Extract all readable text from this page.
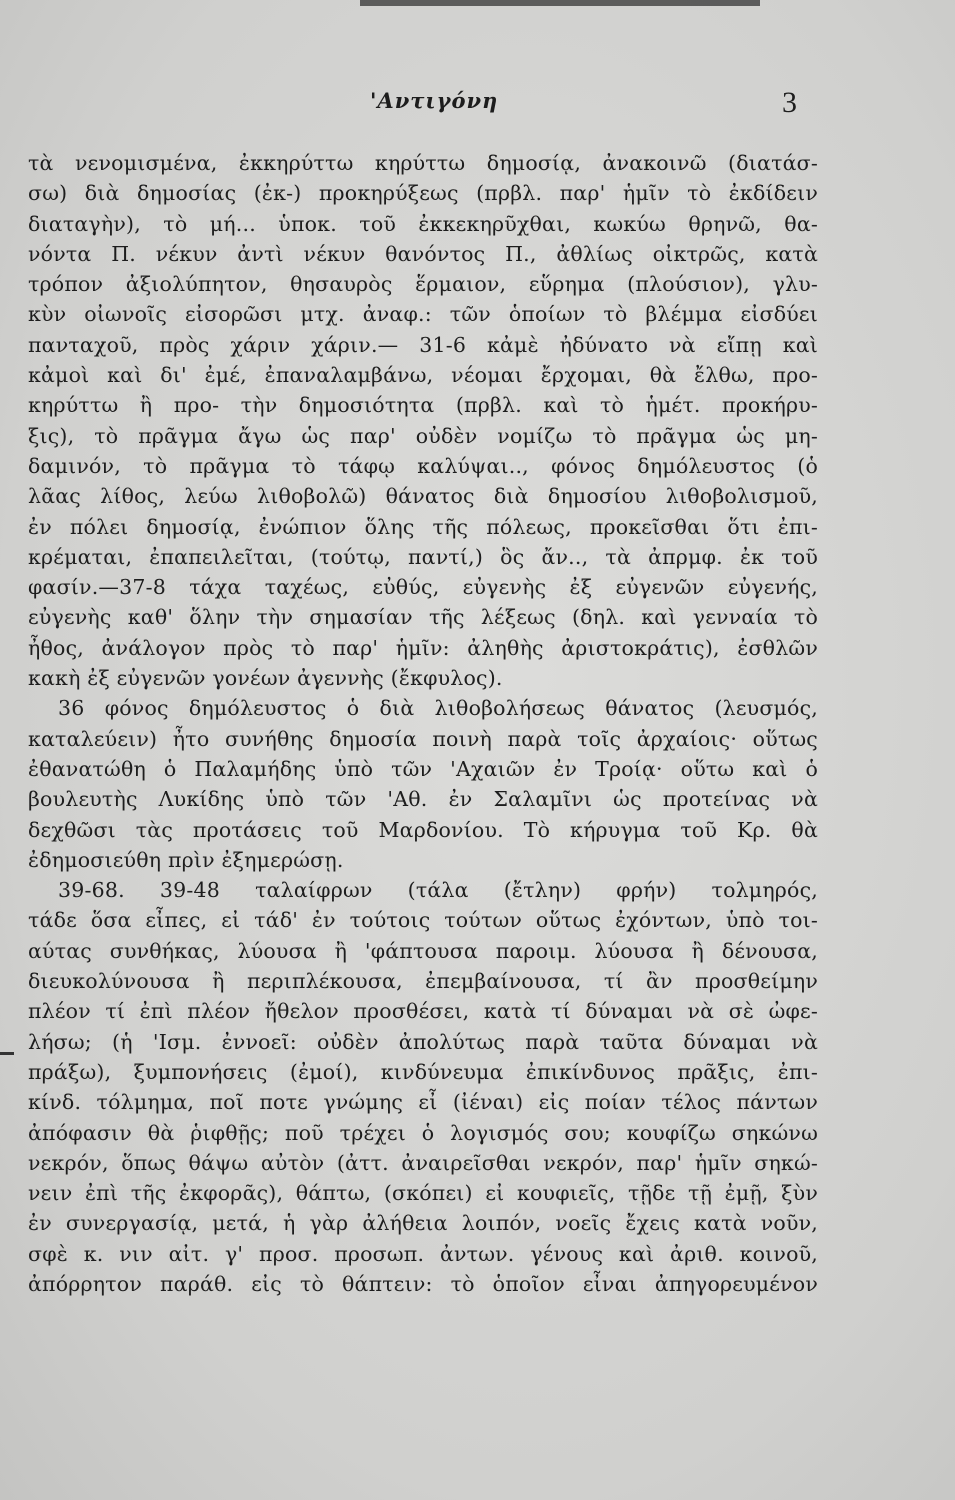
'Αντιγόνη	3
τὰ νενομισμένα, ἐκκηρύττω κηρύττω δημοσίᾳ, ἀνακοινῶ (διατάσ-
σω) διὰ δημοσίας (ἐκ-) προκηρύξεως (πρβλ. παρ' ἡμῖν τὸ ἐκδίδειν
διαταγὴν), τὸ μή... ὑποκ. τοῦ ἐκκεκηρῦχθαι, κωκύω θρηνῶ, θα-
νόντα Π. νέκυν ἀντὶ νέκυν θανόντος Π., ἀθλίως οἰκτρῶς, κατὰ
τρόπον ἀξιολύπητον, θησαυρὸς ἕρμαιον, εὕρημα (πλούσιον), γλυ-
κὺν οἰωνοῖς εἰσορῶσι μτχ. ἀναφ.: τῶν ὁποίων τὸ βλέμμα εἰσδύει
πανταχοῦ, πρὸς χάριν χάριν.— 31-6 κἀμὲ ἠδύνατο νὰ εἴπῃ καὶ
κἀμοὶ καὶ δι' ἐμέ, ἐπαναλαμβάνω, νέομαι ἔρχομαι, θὰ ἔλθω, προ-
κηρύττω ἢ προ- τὴν δημοσιότητα (πρβλ. καὶ τὸ ἡμέτ. προκήρυ-
ξις), τὸ πρᾶγμα ἄγω ὡς παρ' οὐδὲν νομίζω τὸ πρᾶγμα ὡς μη-
δαμινόν, τὸ πρᾶγμα τὸ τάφῳ καλύψαι.., φόνος δημόλευστος (ὁ
λᾶας λίθος, λεύω λιθοβολῶ) θάνατος διὰ δημοσίου λιθοβολισμοῦ,
ἐν πόλει δημοσίᾳ, ἐνώπιον ὅλης τῆς πόλεως, προκεῖσθαι ὅτι ἐπι-
κρέμαται, ἐπαπειλεῖται, (τούτῳ, παντί,) ὃς ἄν.., τὰ ἀπρμφ. ἐκ τοῦ
φασίν.—37-8 τάχα ταχέως, εὐθύς, εὐγενὴς ἐξ εὐγενῶν εὐγενής,
εὐγενὴς καθ' ὅλην τὴν σημασίαν τῆς λέξεως (δηλ. καὶ γενναία τὸ
ἦθος, ἀνάλογον πρὸς τὸ παρ' ἡμῖν: ἀληθὴς ἀριστοκράτις), ἐσθλῶν
κακὴ ἐξ εὐγενῶν γονέων ἀγεννὴς (ἔκφυλος).
36 φόνος δημόλευστος ὁ διὰ λιθοβολήσεως θάνατος (λευσμός,
καταλεύειν) ἦτο συνήθης δημοσία ποινὴ παρὰ τοῖς ἀρχαίοις· οὕτως
ἐθανατώθη ὁ Παλαμήδης ὑπὸ τῶν 'Αχαιῶν ἐν Τροίᾳ· οὕτω καὶ ὁ
βουλευτὴς Λυκίδης ὑπὸ τῶν 'Αθ. ἐν Σαλαμῖνι ὡς προτείνας νὰ
δεχθῶσι τὰς προτάσεις τοῦ Μαρδονίου. Τὸ κήρυγμα τοῦ Κρ. θὰ
ἐδημοσιεύθη πρὶν ἐξημερώσῃ.
39-68. 39-48 ταλαίφρων (τάλα (ἔτλην) φρήν) τολμηρός,
τάδε ὅσα εἶπες, εἰ τάδ' ἐν τούτοις τούτων οὕτως ἐχόντων, ὑπὸ τοι-
αύτας συνθήκας, λύουσα ἢ 'φάπτουσα παροιμ. λύουσα ἢ δένουσα,
διευκολύνουσα ἢ περιπλέκουσα, ἐπεμβαίνουσα, τί ἂν προσθείμην
πλέον τί ἐπὶ πλέον ἤθελον προσθέσει, κατὰ τί δύναμαι νὰ σὲ ὠφε-
λήσω; (ἡ 'Ισμ. ἐννοεῖ: οὐδὲν ἀπολύτως παρὰ ταῦτα δύναμαι νὰ
πράξω), ξυμπονήσεις (ἐμοί), κινδύνευμα ἐπικίνδυνος πρᾶξις, ἐπι-
κίνδ. τόλμημα, ποῖ ποτε γνώμης εἶ (ἰέναι) εἰς ποίαν τέλος πάντων
ἀπόφασιν θὰ ῥιφθῇς; ποῦ τρέχει ὁ λογισμός σου; κουφίζω σηκώνω
νεκρόν, ὅπως θάψω αὐτὸν (ἀττ. ἀναιρεῖσθαι νεκρόν, παρ' ἡμῖν σηκώ-
νειν ἐπὶ τῆς ἐκφορᾶς), θάπτω, (σκόπει) εἰ κουφιεῖς, τῇδε τῇ ἐμῇ, ξὺν
ἐν συνεργασίᾳ, μετά, ἡ γὰρ ἀλήθεια λοιπόν, νοεῖς ἔχεις κατὰ νοῦν,
σφὲ κ. νιν αἰτ. γ' προσ. προσωπ. ἀντων. γένους καὶ ἀριθ. κοινοῦ,
ἀπόρρητον παράθ. εἰς τὸ θάπτειν: τὸ ὁποῖον εἶναι ἀπηγορευμένον
